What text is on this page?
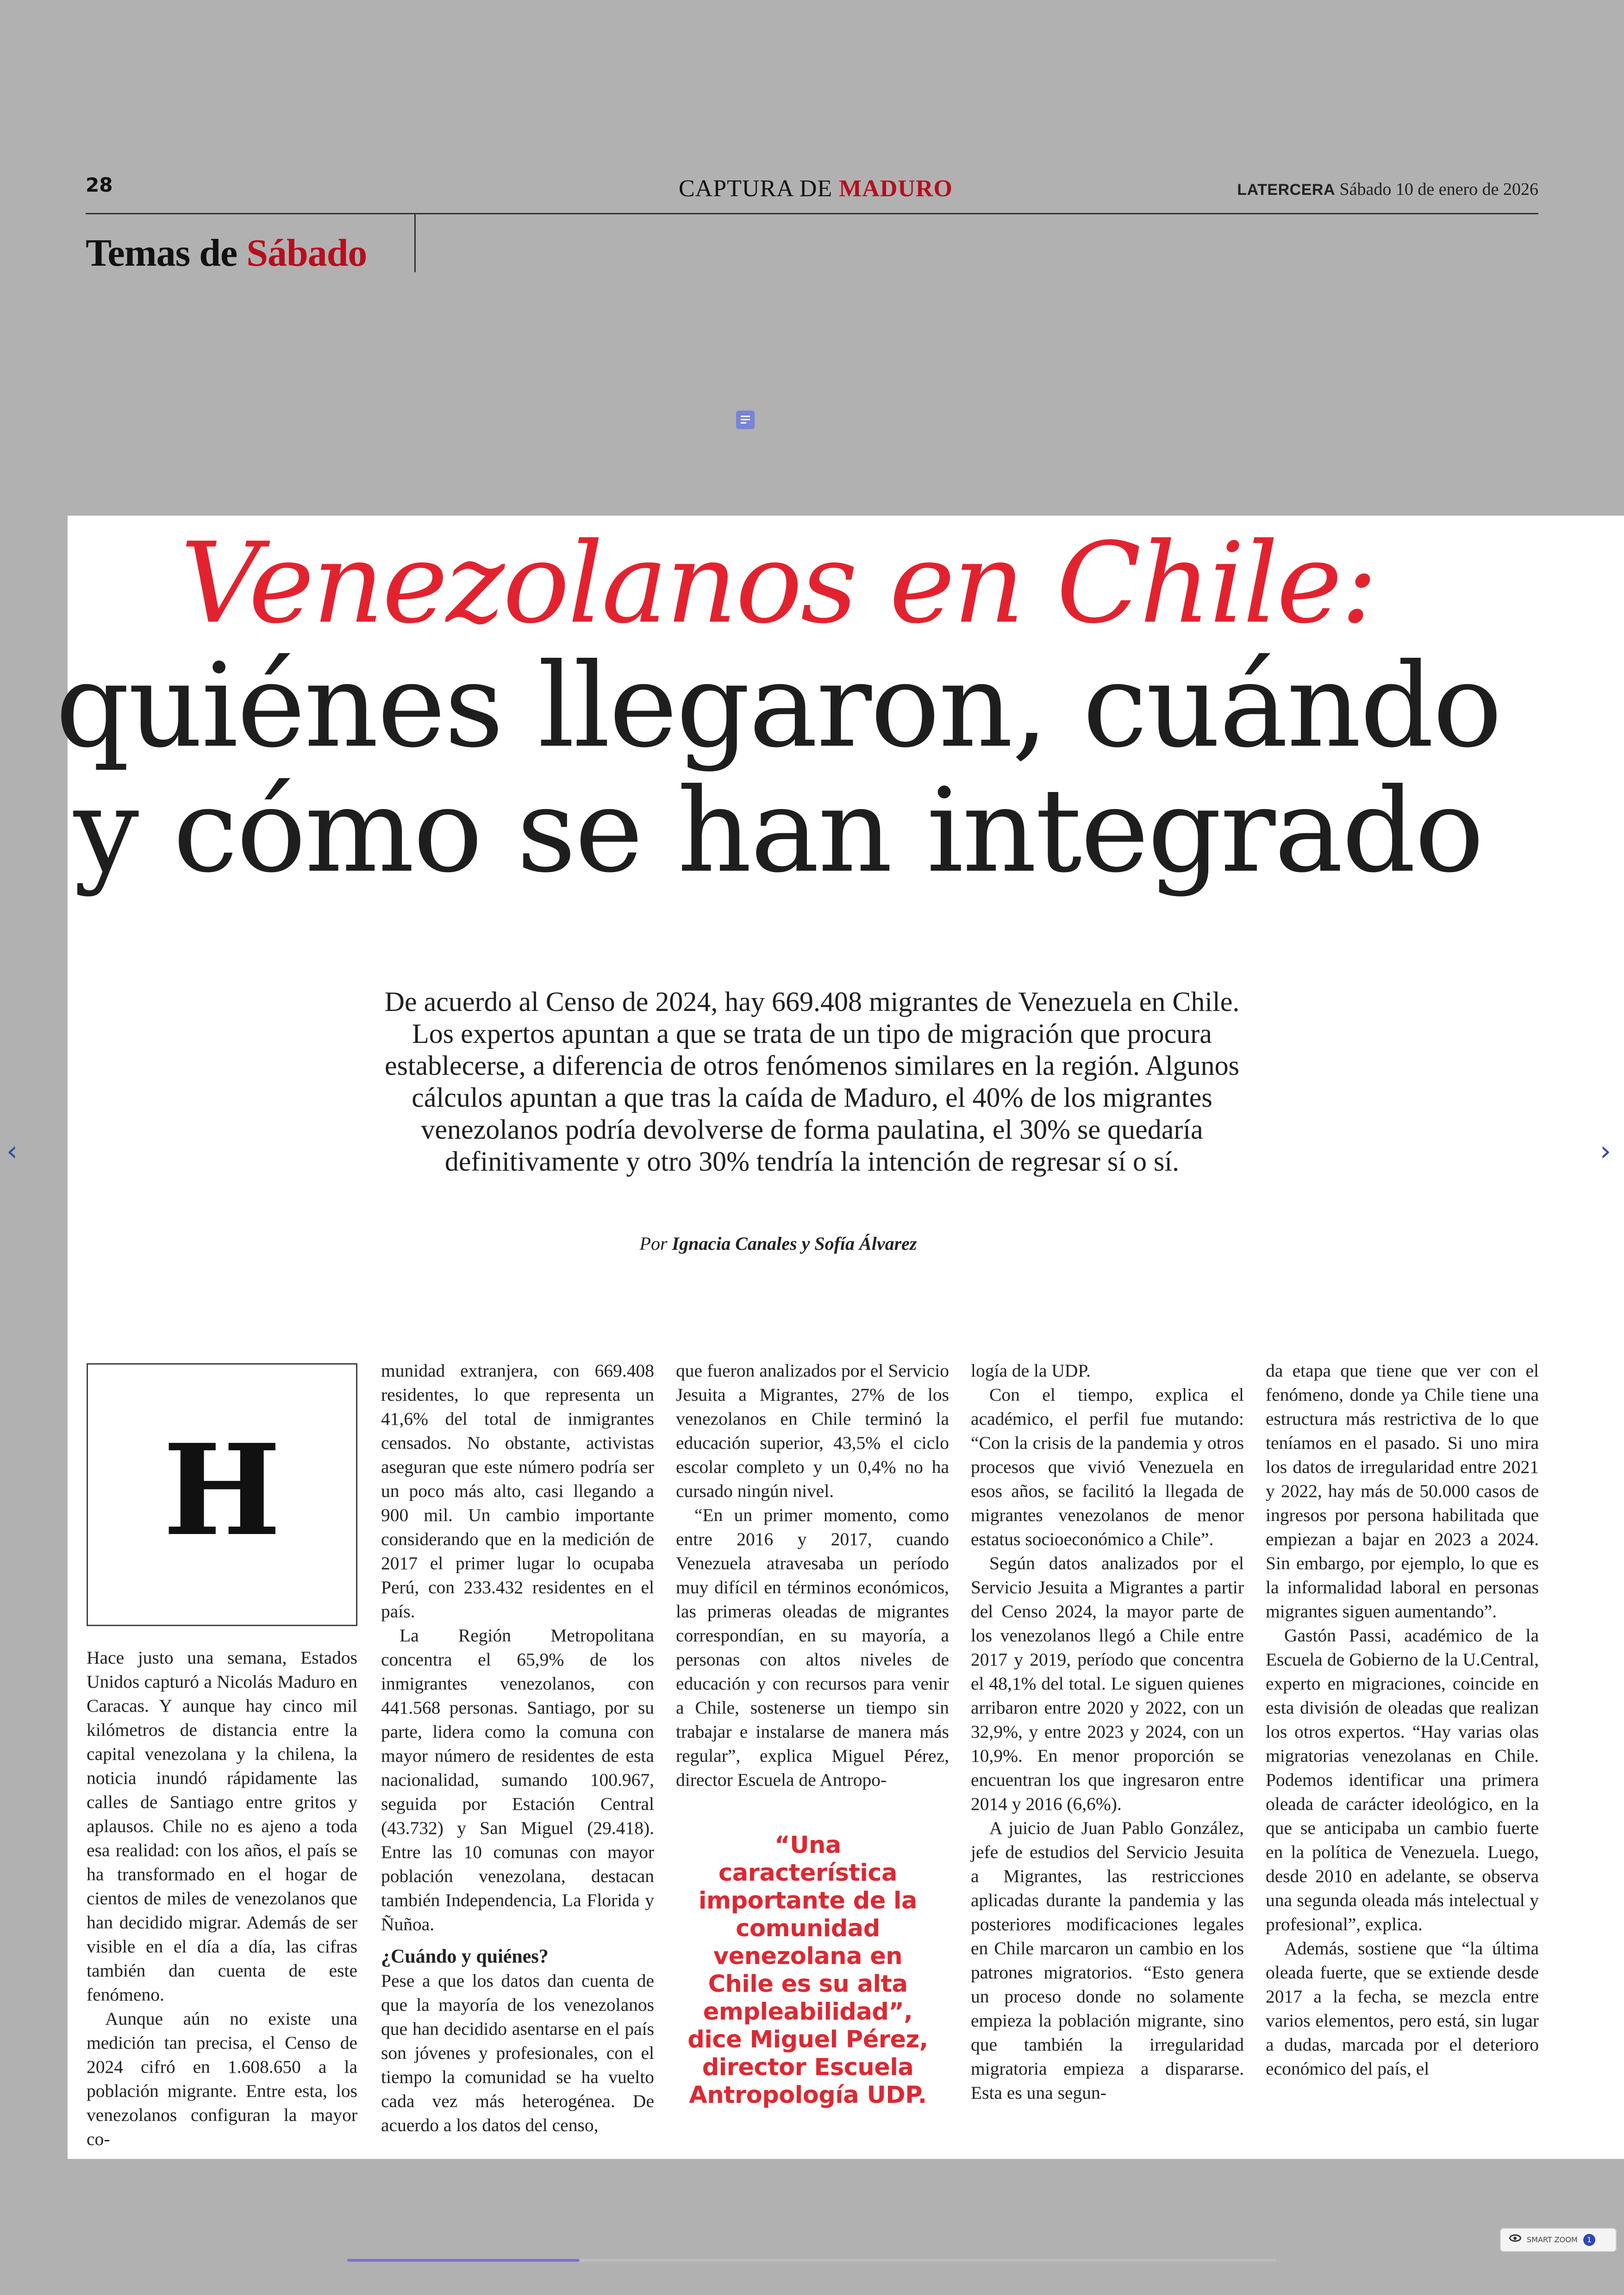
28	CAPTURA DE MADURO	LATERCERA Sábado 10 de enero de 2026
Temas de Sábado
Venezolanos en Chile:
quiénes llegaron, cuándo
y cómo se han integrado
De acuerdo al Censo de 2024, hay 669.408 migrantes de Venezuela en Chile. Los expertos apuntan a que se trata de un tipo de migración que procura establecerse, a diferencia de otros fenómenos similares en la región. Algunos cálculos apuntan a que tras la caída de Maduro, el 40% de los migrantes venezolanos podría devolverse de forma paulatina, el 30% se quedaría definitivamente y otro 30% tendría la intención de regresar sí o sí.
Por Ignacia Canales y Sofía Álvarez
H

Hace justo una semana, Estados Unidos capturó a Nicolás Maduro en Caracas. Y aunque hay cinco mil kilómetros de distancia entre la capital venezolana y la chilena, la noticia inundó rápidamente las calles de Santiago entre gritos y aplausos. Chile no es ajeno a toda esa realidad: con los años, el país se ha transformado en el hogar de cientos de miles de venezolanos que han decidido migrar. Además de ser visible en el día a día, las cifras también dan cuenta de este fenómeno.

Aunque aún no existe una medición tan precisa, el Censo de 2024 cifró en 1.608.650 a la población migrante. Entre esta, los venezolanos configuran la mayor co-

munidad extranjera, con 669.408 residentes, lo que representa un 41,6% del total de inmigrantes censados. No obstante, activistas aseguran que este número podría ser un poco más alto, casi llegando a 900 mil. Un cambio importante considerando que en la medición de 2017 el primer lugar lo ocupaba Perú, con 233.432 residentes en el país.

La Región Metropolitana concentra el 65,9% de los inmigrantes venezolanos, con 441.568 personas. Santiago, por su parte, lidera como la comuna con mayor número de residentes de esta nacionalidad, sumando 100.967, seguida por Estación Central (43.732) y San Miguel (29.418). Entre las 10 comunas con mayor población venezolana, destacan también Independencia, La Florida y Ñuñoa.

¿Cuándo y quiénes?

Pese a que los datos dan cuenta de que la mayoría de los venezolanos que han decidido asentarse en el país son jóvenes y profesionales, con el tiempo la comunidad se ha vuelto cada vez más heterogénea. De acuerdo a los datos del censo,

que fueron analizados por el Servicio Jesuita a Migrantes, 27% de los venezolanos en Chile terminó la educación superior, 43,5% el ciclo escolar completo y un 0,4% no ha cursado ningún nivel.

“En un primer momento, como entre 2016 y 2017, cuando Venezuela atravesaba un período muy difícil en términos económicos, las primeras oleadas de migrantes correspondían, en su mayoría, a personas con altos niveles de educación y con recursos para venir a Chile, sostenerse un tiempo sin trabajar e instalarse de manera más regular”, explica Miguel Pérez, director Escuela de Antropo-

“Una característica importante de la comunidad venezolana en Chile es su alta empleabilidad”, dice Miguel Pérez, director Escuela Antropología UDP.

logía de la UDP.

Con el tiempo, explica el académico, el perfil fue mutando: “Con la crisis de la pandemia y otros procesos que vivió Venezuela en esos años, se facilitó la llegada de migrantes venezolanos de menor estatus socioeconómico a Chile”.

Según datos analizados por el Servicio Jesuita a Migrantes a partir del Censo 2024, la mayor parte de los venezolanos llegó a Chile entre 2017 y 2019, período que concentra el 48,1% del total. Le siguen quienes arribaron entre 2020 y 2022, con un 32,9%, y entre 2023 y 2024, con un 10,9%. En menor proporción se encuentran los que ingresaron entre 2014 y 2016 (6,6%).

A juicio de Juan Pablo González, jefe de estudios del Servicio Jesuita a Migrantes, las restricciones aplicadas durante la pandemia y las posteriores modificaciones legales en Chile marcaron un cambio en los patrones migratorios. “Esto genera un proceso donde no solamente empieza la población migrante, sino que también la irregularidad migratoria empieza a dispararse. Esta es una segun-

da etapa que tiene que ver con el fenómeno, donde ya Chile tiene una estructura más restrictiva de lo que teníamos en el pasado. Si uno mira los datos de irregularidad entre 2021 y 2022, hay más de 50.000 casos de ingresos por persona habilitada que empiezan a bajar en 2023 a 2024. Sin embargo, por ejemplo, lo que es la informalidad laboral en personas migrantes siguen aumentando”.

Gastón Passi, académico de la Escuela de Gobierno de la U.Central, experto en migraciones, coincide en esta división de oleadas que realizan los otros expertos. “Hay varias olas migratorias venezolanas en Chile. Podemos identificar una primera oleada de carácter ideológico, en la que se anticipaba un cambio fuerte en la política de Venezuela. Luego, desde 2010 en adelante, se observa una segunda oleada más intelectual y profesional”, explica.

Además, sostiene que “la última oleada fuerte, que se extiende desde 2017 a la fecha, se mezcla entre varios elementos, pero está, sin lugar a dudas, marcada por el deterioro económico del país, el

‹	›
SMART ZOOM	1
